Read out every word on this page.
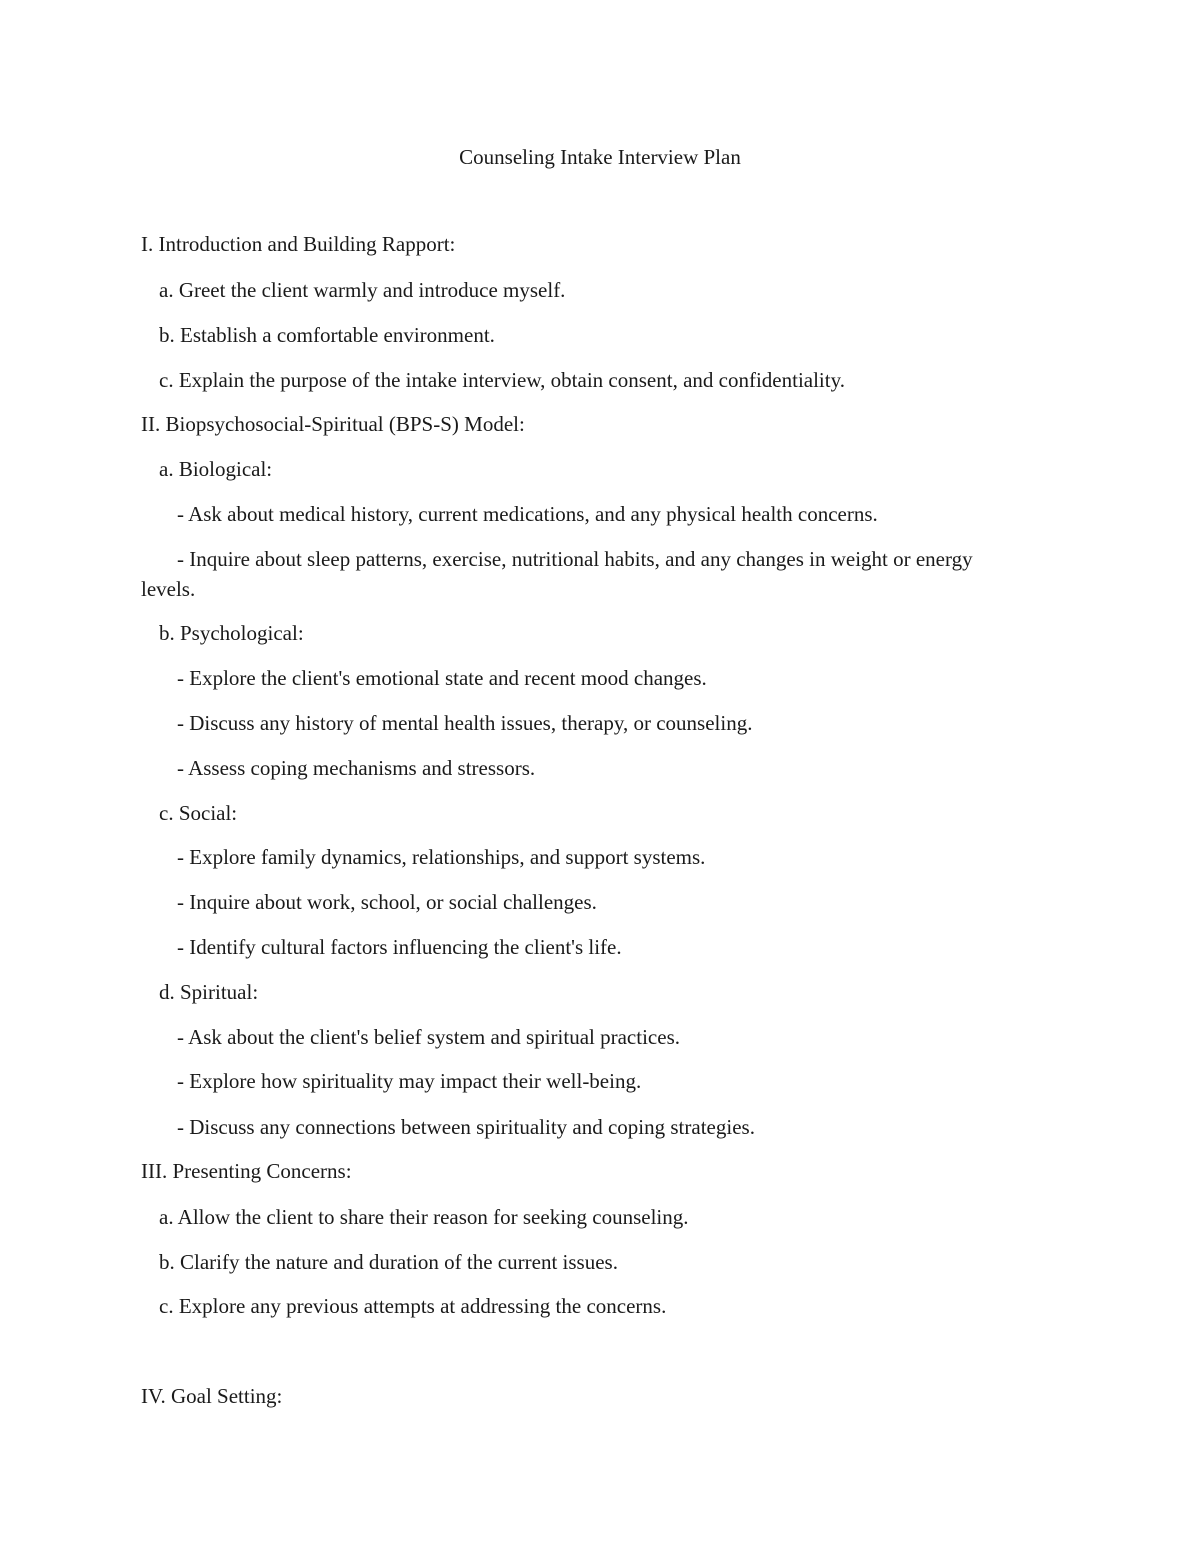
Counseling Intake Interview Plan
I. Introduction and Building Rapport:
a. Greet the client warmly and introduce myself.
b. Establish a comfortable environment.
c. Explain the purpose of the intake interview, obtain consent, and confidentiality.
II. Biopsychosocial-Spiritual (BPS-S) Model:
a. Biological:
- Ask about medical history, current medications, and any physical health concerns.
- Inquire about sleep patterns, exercise, nutritional habits, and any changes in weight or energy levels.
b. Psychological:
- Explore the client's emotional state and recent mood changes.
- Discuss any history of mental health issues, therapy, or counseling.
- Assess coping mechanisms and stressors.
c. Social:
- Explore family dynamics, relationships, and support systems.
- Inquire about work, school, or social challenges.
- Identify cultural factors influencing the client's life.
d. Spiritual:
- Ask about the client's belief system and spiritual practices.
- Explore how spirituality may impact their well-being.
- Discuss any connections between spirituality and coping strategies.
III. Presenting Concerns:
a. Allow the client to share their reason for seeking counseling.
b. Clarify the nature and duration of the current issues.
c. Explore any previous attempts at addressing the concerns.
IV. Goal Setting:
